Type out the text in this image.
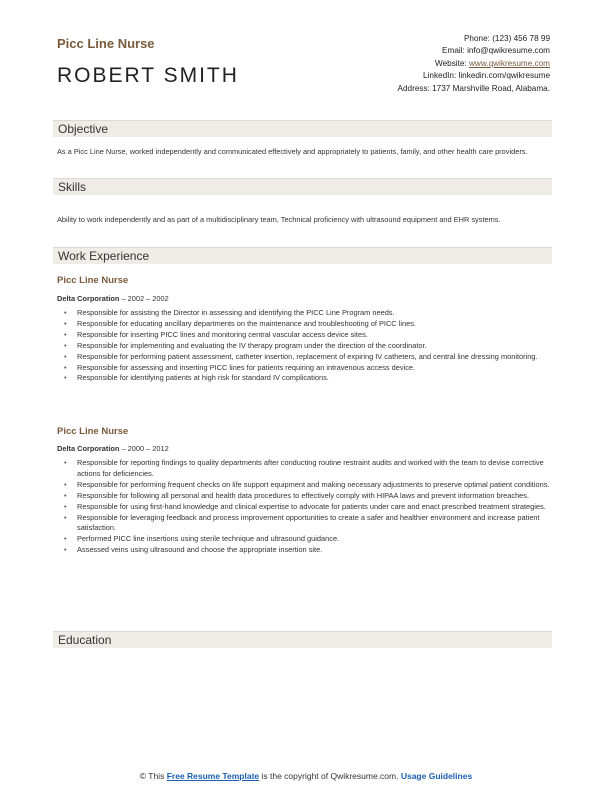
Picc Line Nurse
ROBERT SMITH
Phone: (123) 456 78 99
Email: info@qwikresume.com
Website: www.qwikresume.com
LinkedIn: linkedin.com/qwikresume
Address: 1737 Marshville Road, Alabama.
Objective
As a Picc Line Nurse, worked independently and communicated effectively and appropriately to patients, family, and other health care providers.
Skills
Ability to work independently and as part of a multidisciplinary team, Technical proficiency with ultrasound equipment and EHR systems.
Work Experience
Picc Line Nurse
Delta Corporation – 2002 – 2002
• Responsible for assisting the Director in assessing and identifying the PICC Line Program needs.
• Responsible for educating ancillary departments on the maintenance and troubleshooting of PICC lines.
• Responsible for inserting PICC lines and monitoring central vascular access device sites.
• Responsible for implementing and evaluating the IV therapy program under the direction of the coordinator.
• Responsible for performing patient assessment, catheter insertion, replacement of expiring IV catheters, and central line dressing monitoring.
• Responsible for assessing and inserting PICC lines for patients requiring an intravenous access device.
• Responsible for identifying patients at high risk for standard IV complications.
Picc Line Nurse
Delta Corporation – 2000 – 2012
• Responsible for reporting findings to quality departments after conducting routine restraint audits and worked with the team to devise corrective actions for deficiencies.
• Responsible for performing frequent checks on life support equipment and making necessary adjustments to preserve optimal patient conditions.
• Responsible for following all personal and health data procedures to effectively comply with HIPAA laws and prevent information breaches.
• Responsible for using first-hand knowledge and clinical expertise to advocate for patients under care and enact prescribed treatment strategies.
• Responsible for leveraging feedback and process improvement opportunities to create a safer and healthier environment and increase patient satisfaction.
• Performed PICC line insertions using sterile technique and ultrasound guidance.
• Assessed veins using ultrasound and choose the appropriate insertion site.
Education
© This Free Resume Template is the copyright of Qwikresume.com. Usage Guidelines
